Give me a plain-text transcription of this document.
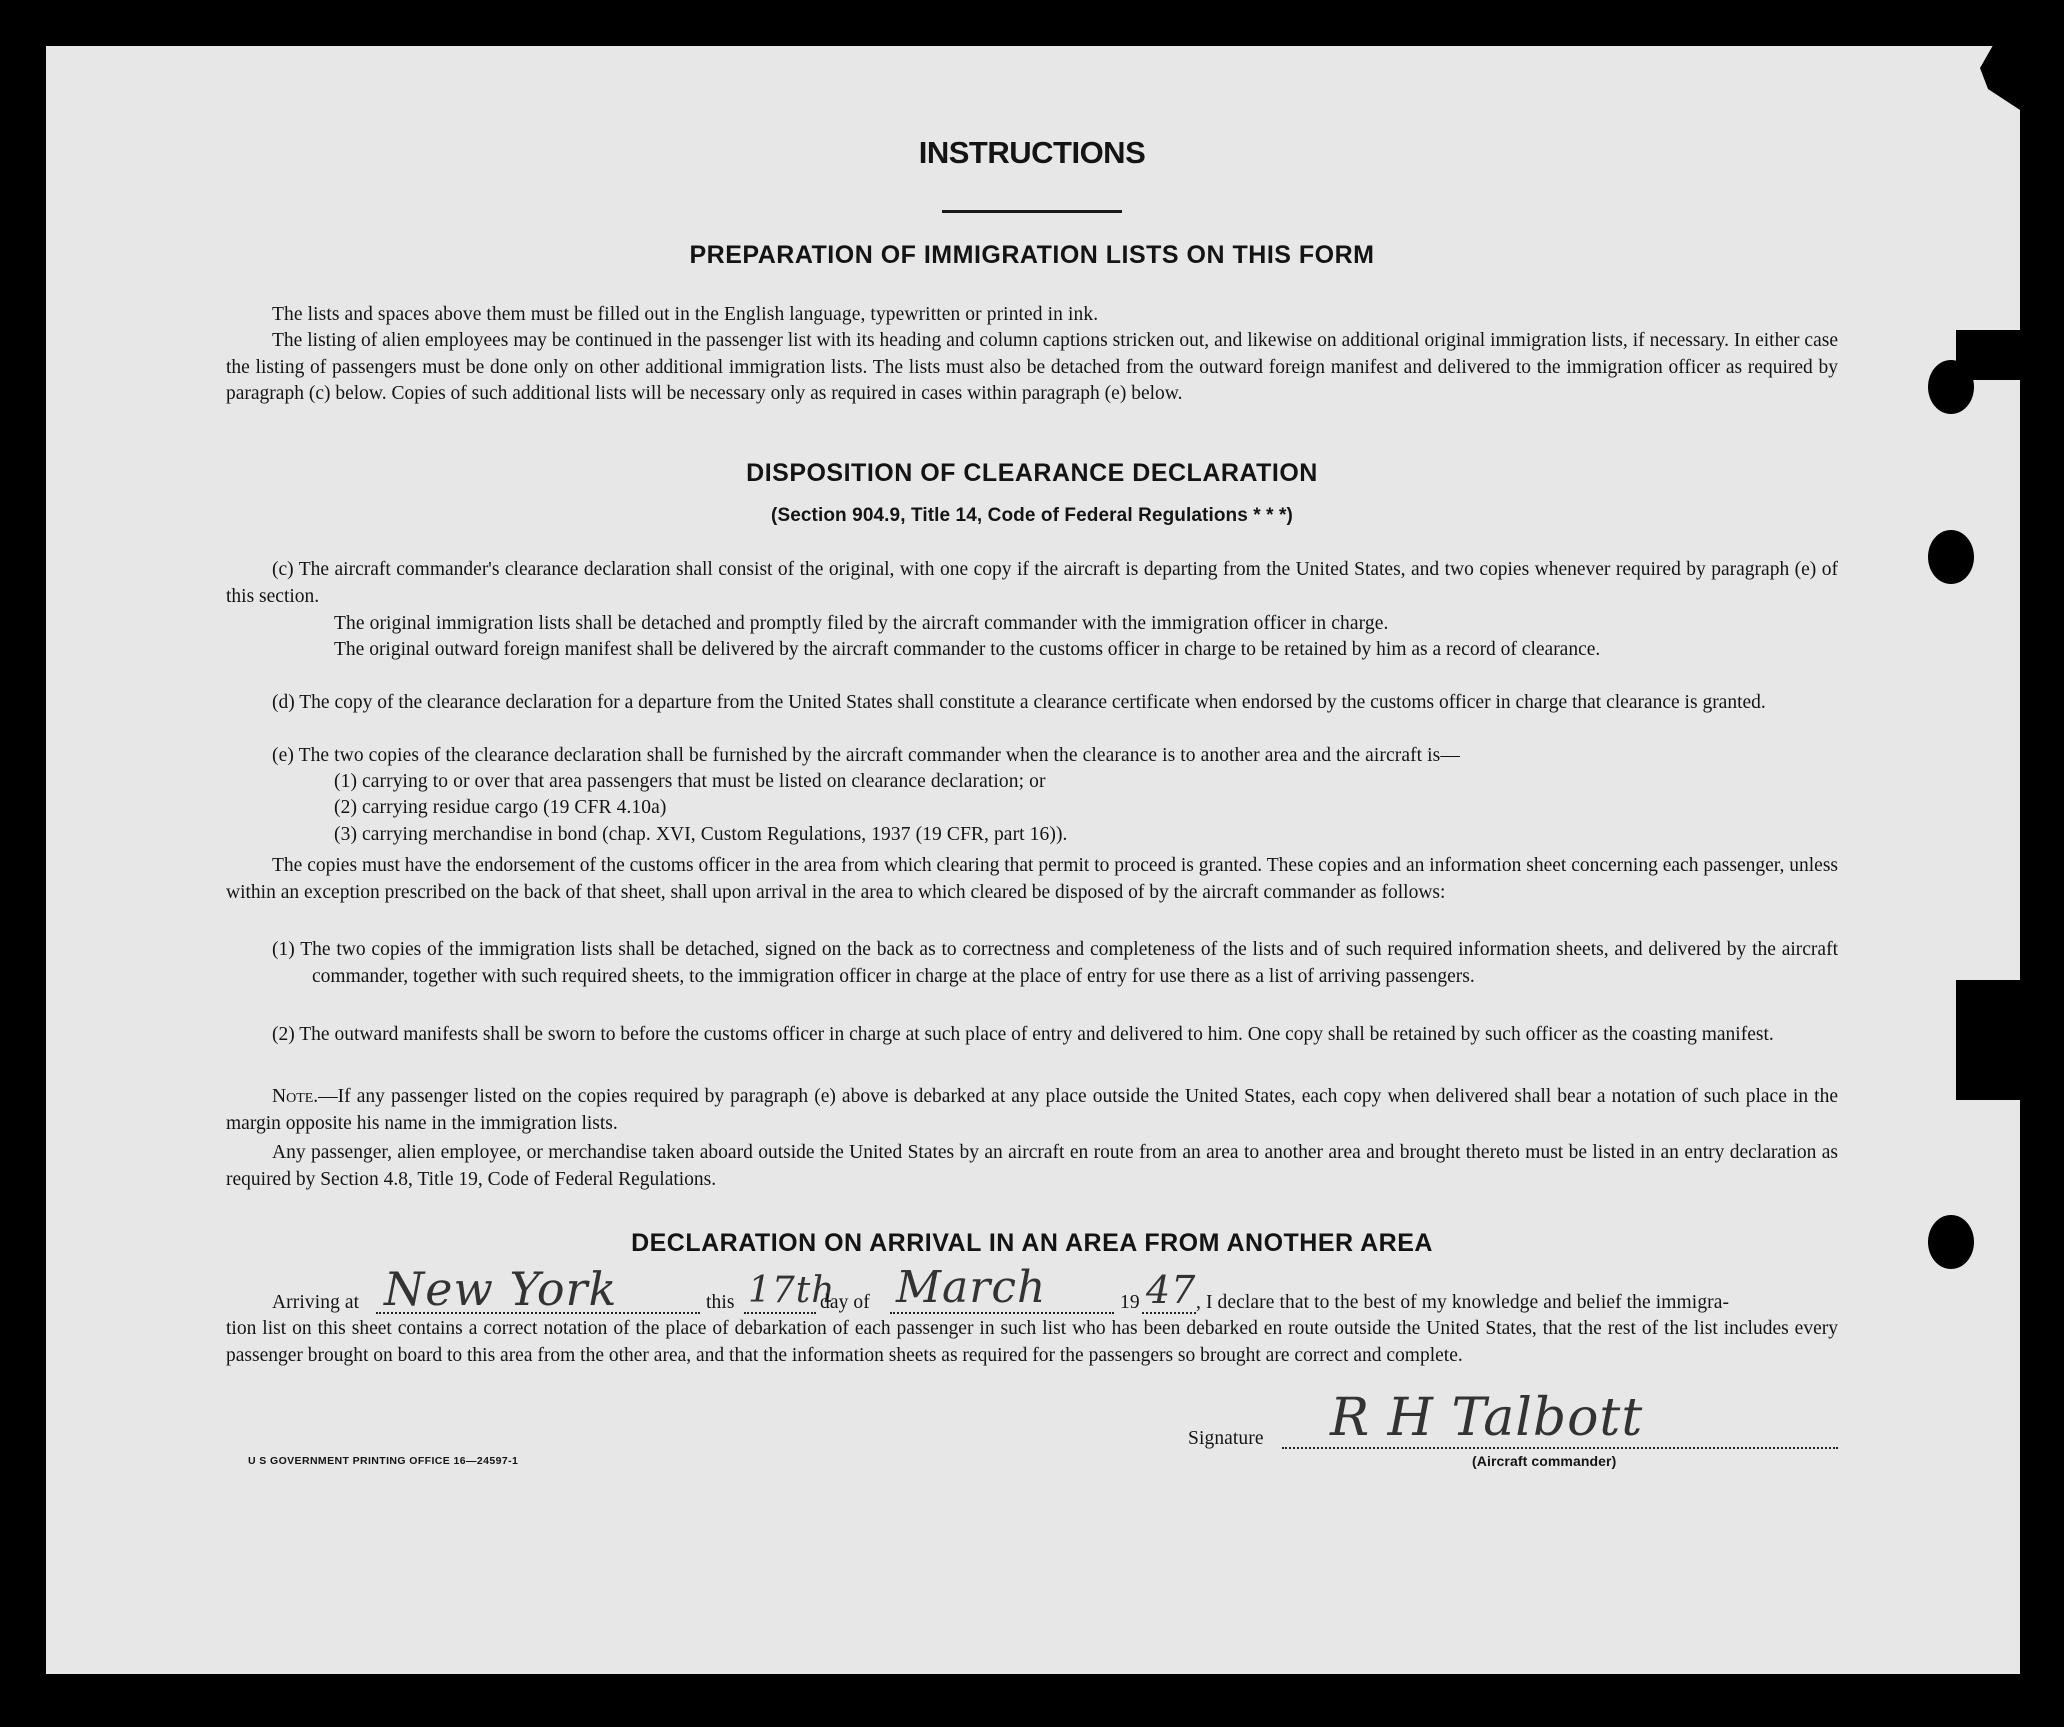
INSTRUCTIONS
PREPARATION OF IMMIGRATION LISTS ON THIS FORM
The lists and spaces above them must be filled out in the English language, typewritten or printed in ink.
The listing of alien employees may be continued in the passenger list with its heading and column captions stricken out, and likewise on additional original immigration lists, if necessary. In either case the listing of passengers must be done only on other additional immigration lists. The lists must also be detached from the outward foreign manifest and delivered to the immigration officer as required by paragraph (c) below. Copies of such additional lists will be necessary only as required in cases within paragraph (e) below.
DISPOSITION OF CLEARANCE DECLARATION
(Section 904.9, Title 14, Code of Federal Regulations * * *)
(c) The aircraft commander's clearance declaration shall consist of the original, with one copy if the aircraft is departing from the United States, and two copies whenever required by paragraph (e) of this section.
The original immigration lists shall be detached and promptly filed by the aircraft commander with the immigration officer in charge.
The original outward foreign manifest shall be delivered by the aircraft commander to the customs officer in charge to be retained by him as a record of clearance.
(d) The copy of the clearance declaration for a departure from the United States shall constitute a clearance certificate when endorsed by the customs officer in charge that clearance is granted.
(e) The two copies of the clearance declaration shall be furnished by the aircraft commander when the clearance is to another area and the aircraft is—
(1) carrying to or over that area passengers that must be listed on clearance declaration; or
(2) carrying residue cargo (19 CFR 4.10a)
(3) carrying merchandise in bond (chap. XVI, Custom Regulations, 1937 (19 CFR, part 16)).
The copies must have the endorsement of the customs officer in the area from which clearing that permit to proceed is granted. These copies and an information sheet concerning each passenger, unless within an exception prescribed on the back of that sheet, shall upon arrival in the area to which cleared be disposed of by the aircraft commander as follows:
(1) The two copies of the immigration lists shall be detached, signed on the back as to correctness and completeness of the lists and of such required information sheets, and delivered by the aircraft commander, together with such required sheets, to the immigration officer in charge at the place of entry for use there as a list of arriving passengers.
(2) The outward manifests shall be sworn to before the customs officer in charge at such place of entry and delivered to him. One copy shall be retained by such officer as the coasting manifest.
Note.—If any passenger listed on the copies required by paragraph (e) above is debarked at any place outside the United States, each copy when delivered shall bear a notation of such place in the margin opposite his name in the immigration lists.
Any passenger, alien employee, or merchandise taken aboard outside the United States by an aircraft en route from an area to another area and brought thereto must be listed in an entry declaration as required by Section 4.8, Title 19, Code of Federal Regulations.
DECLARATION ON ARRIVAL IN AN AREA FROM ANOTHER AREA
Arriving at New York	this 17th
day of March	19 47 , I declare that to the best of my knowledge and belief the immigra-
tion list on this sheet contains a correct notation of the place of debarkation of each passenger in such list who has been debarked en route outside the United States, that the rest of the list includes every passenger brought on board to this area from the other area, and that the information sheets as required for the passengers so brought are correct and complete.
Signature R H Talbott
(Aircraft commander)
U S GOVERNMENT PRINTING OFFICE 16—24597-1
